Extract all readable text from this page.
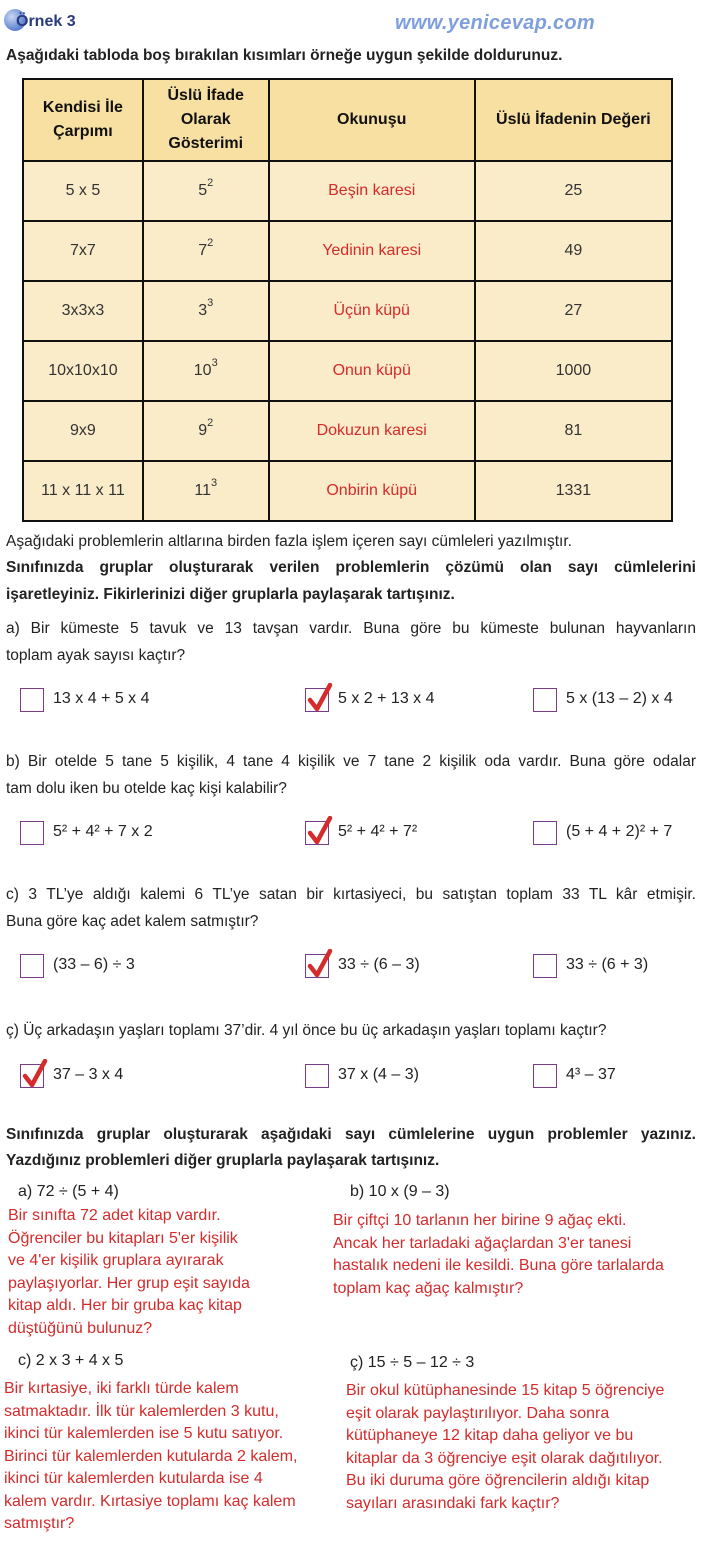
Örnek 3	www.yenicevap.com
Aşağıdaki tabloda boş bırakılan kısımları örneğe uygun şekilde doldurunuz.
Kendisi İle Çarpımı	Üslü İfade Olarak Gösterimi	Okunuşu	Üslü İfadenin Değeri
5 x 5	$5^2$	Beşin karesi	25
7x7	$7^2$	Yedinin karesi	49
3x3x3	$3^3$	Üçün küpü	27
10x10x10	$10^3$	Onun küpü	1000
9x9	$9^2$	Dokuzun karesi	81
11 x 11 x 11	$11^3$	Onbirin küpü	1331
Aşağıdaki problemlerin altlarına birden fazla işlem içeren sayı cümleleri yazılmıştır.
Sınıfınızda gruplar oluşturarak verilen problemlerin çözümü olan sayı cümlelerini
işaretleyiniz. Fikirlerinizi diğer gruplarla paylaşarak tartışınız.
a) Bir kümeste 5 tavuk ve 13 tavşan vardır. Buna göre bu kümeste bulunan hayvanların
toplam ayak sayısı kaçtır?
13 x 4 + 5 x 4	5 x 2 + 13 x 4	5 x (13 – 2) x 4
b) Bir otelde 5 tane 5 kişilik, 4 tane 4 kişilik ve 7 tane 2 kişilik oda vardır. Buna göre odalar
tam dolu iken bu otelde kaç kişi kalabilir?
5² + 4² + 7 x 2	5² + 4² + 7²	(5 + 4 + 2)² + 7
c) 3 TL’ye aldığı kalemi 6 TL’ye satan bir kırtasiyeci, bu satıştan toplam 33 TL kâr etmişir.
Buna göre kaç adet kalem satmıştır?
(33 – 6) ÷ 3	33 ÷ (6 – 3)	33 ÷ (6 + 3)
ç) Üç arkadaşın yaşları toplamı 37’dir. 4 yıl önce bu üç arkadaşın yaşları toplamı kaçtır?
37 – 3 x 4	37 x (4 – 3)	4³ – 37
Sınıfınızda gruplar oluşturarak aşağıdaki sayı cümlelerine uygun problemler yazınız.
Yazdığınız problemleri diğer gruplarla paylaşarak tartışınız.
a) 72 ÷ (5 + 4)
Bir sınıfta 72 adet kitap vardır.
Öğrenciler bu kitapları 5'er kişilik
ve 4'er kişilik gruplara ayırarak
paylaşıyorlar. Her grup eşit sayıda
kitap aldı. Her bir gruba kaç kitap
düştüğünü bulunuz?
b) 10 x (9 – 3)
Bir çiftçi 10 tarlanın her birine 9 ağaç ekti.
Ancak her tarladaki ağaçlardan 3'er tanesi
hastalık nedeni ile kesildi. Buna göre tarlalarda
toplam kaç ağaç kalmıştır?
c) 2 x 3 + 4 x 5
Bir kırtasiye, iki farklı türde kalem
satmaktadır. İlk tür kalemlerden 3 kutu,
ikinci tür kalemlerden ise 5 kutu satıyor.
Birinci tür kalemlerden kutularda 2 kalem,
ikinci tür kalemlerden kutularda ise 4
kalem vardır. Kırtasiye toplamı kaç kalem
satmıştır?
ç) 15 ÷ 5 – 12 ÷ 3
Bir okul kütüphanesinde 15 kitap 5 öğrenciye
eşit olarak paylaştırılıyor. Daha sonra
kütüphaneye 12 kitap daha geliyor ve bu
kitaplar da 3 öğrenciye eşit olarak dağıtılıyor.
Bu iki duruma göre öğrencilerin aldığı kitap
sayıları arasındaki fark kaçtır?
